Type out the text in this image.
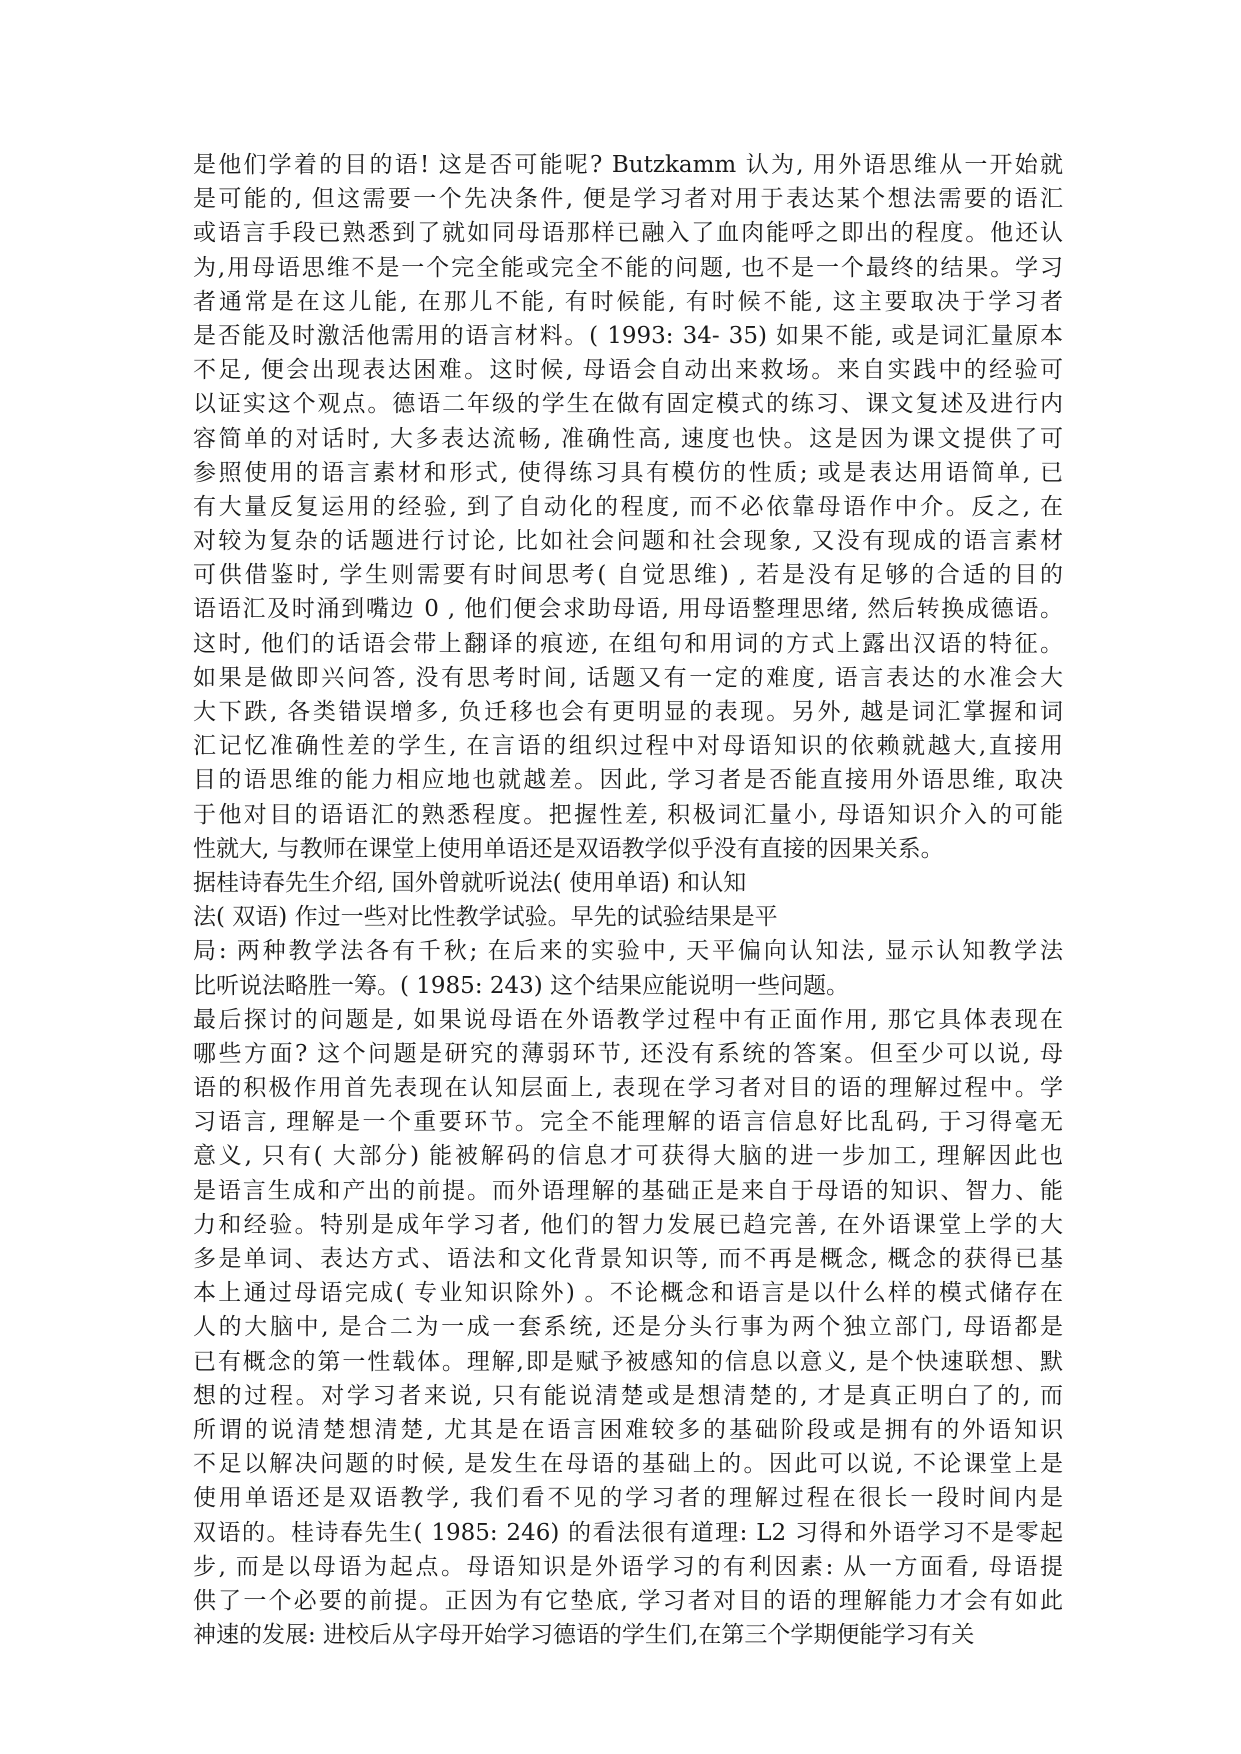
是他们学着的目的语! 这是否可能呢? Butzkamm 认为, 用外语思维从一开始就
是可能的, 但这需要一个先决条件, 便是学习者对用于表达某个想法需要的语汇
或语言手段已熟悉到了就如同母语那样已融入了血肉能呼之即出的程度。他还认
为,用母语思维不是一个完全能或完全不能的问题, 也不是一个最终的结果。学习
者通常是在这儿能, 在那儿不能, 有时候能, 有时候不能, 这主要取决于学习者
是否能及时激活他需用的语言材料。( 1993: 34- 35) 如果不能, 或是词汇量原本
不足, 便会出现表达困难。这时候, 母语会自动出来救场。来自实践中的经验可
以证实这个观点。德语二年级的学生在做有固定模式的练习、课文复述及进行内
容简单的对话时, 大多表达流畅, 准确性高, 速度也快。这是因为课文提供了可
参照使用的语言素材和形式, 使得练习具有模仿的性质; 或是表达用语简单, 已
有大量反复运用的经验, 到了自动化的程度, 而不必依靠母语作中介。反之, 在
对较为复杂的话题进行讨论, 比如社会问题和社会现象, 又没有现成的语言素材
可供借鉴时, 学生则需要有时间思考( 自觉思维) , 若是没有足够的合适的目的
语语汇及时涌到嘴边 0 , 他们便会求助母语, 用母语整理思绪, 然后转换成德语。
这时, 他们的话语会带上翻译的痕迹, 在组句和用词的方式上露出汉语的特征。
如果是做即兴问答, 没有思考时间, 话题又有一定的难度, 语言表达的水准会大
大下跌, 各类错误增多, 负迁移也会有更明显的表现。另外, 越是词汇掌握和词
汇记忆准确性差的学生, 在言语的组织过程中对母语知识的依赖就越大,直接用
目的语思维的能力相应地也就越差。因此, 学习者是否能直接用外语思维, 取决
于他对目的语语汇的熟悉程度。把握性差, 积极词汇量小, 母语知识介入的可能
性就大, 与教师在课堂上使用单语还是双语教学似乎没有直接的因果关系。
据桂诗春先生介绍, 国外曾就听说法( 使用单语) 和认知
法( 双语) 作过一些对比性教学试验。早先的试验结果是平
局: 两种教学法各有千秋; 在后来的实验中, 天平偏向认知法, 显示认知教学法
比听说法略胜一筹。( 1985: 243) 这个结果应能说明一些问题。
最后探讨的问题是, 如果说母语在外语教学过程中有正面作用, 那它具体表现在
哪些方面? 这个问题是研究的薄弱环节, 还没有系统的答案。但至少可以说, 母
语的积极作用首先表现在认知层面上, 表现在学习者对目的语的理解过程中。学
习语言, 理解是一个重要环节。完全不能理解的语言信息好比乱码, 于习得毫无
意义, 只有( 大部分) 能被解码的信息才可获得大脑的进一步加工, 理解因此也
是语言生成和产出的前提。而外语理解的基础正是来自于母语的知识、智力、能
力和经验。特别是成年学习者, 他们的智力发展已趋完善, 在外语课堂上学的大
多是单词、表达方式、语法和文化背景知识等, 而不再是概念, 概念的获得已基
本上通过母语完成( 专业知识除外) 。不论概念和语言是以什么样的模式储存在
人的大脑中, 是合二为一成一套系统, 还是分头行事为两个独立部门, 母语都是
已有概念的第一性载体。理解,即是赋予被感知的信息以意义, 是个快速联想、默
想的过程。对学习者来说, 只有能说清楚或是想清楚的, 才是真正明白了的, 而
所谓的说清楚想清楚, 尤其是在语言困难较多的基础阶段或是拥有的外语知识
不足以解决问题的时候, 是发生在母语的基础上的。因此可以说, 不论课堂上是
使用单语还是双语教学, 我们看不见的学习者的理解过程在很长一段时间内是
双语的。桂诗春先生( 1985: 246) 的看法很有道理: L2 习得和外语学习不是零起
步, 而是以母语为起点。母语知识是外语学习的有利因素: 从一方面看, 母语提
供了一个必要的前提。正因为有它垫底, 学习者对目的语的理解能力才会有如此
神速的发展: 进校后从字母开始学习德语的学生们,在第三个学期便能学习有关
